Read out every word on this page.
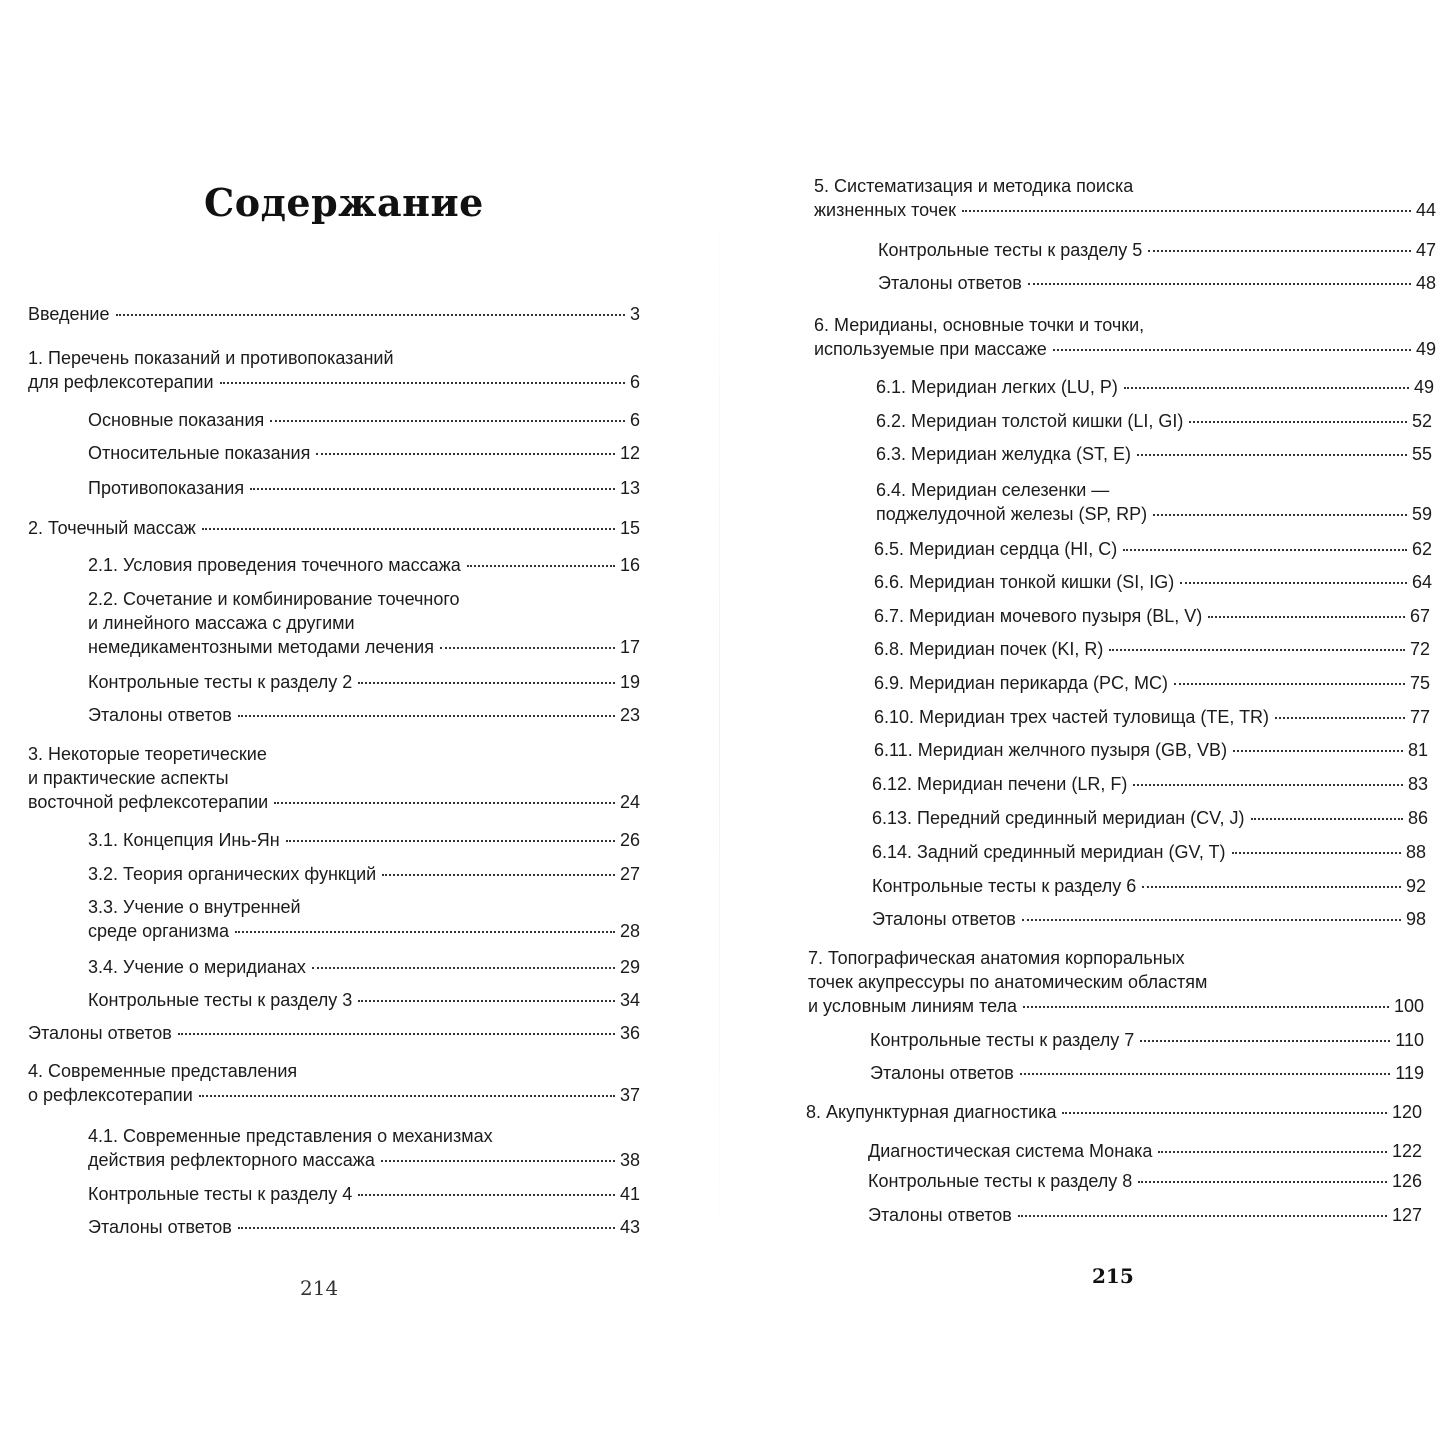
Содержание
Введение	3
1. Перечень показаний и противопоказаний
для рефлексотерапии	6
Основные показания	6
Относительные показания	12
Противопоказания	13
2. Точечный массаж	15
2.1. Условия проведения точечного массажа	16
2.2. Сочетание и комбинирование точечного
и линейного массажа с другими
немедикаментозными методами лечения	17
Контрольные тесты к разделу 2	19
Эталоны ответов	23
3. Некоторые теоретические
и практические аспекты
восточной рефлексотерапии	24
3.1. Концепция Инь-Ян	26
3.2. Теория органических функций	27
3.3. Учение о внутренней
среде организма	28
3.4. Учение о меридианах	29
Контрольные тесты к разделу 3	34
Эталоны ответов	36
4. Современные представления
о рефлексотерапии	37
4.1. Современные представления о механизмах
действия рефлекторного массажа	38
Контрольные тесты к разделу 4	41
Эталоны ответов	43
214
5. Систематизация и методика поиска
жизненных точек	44
Контрольные тесты к разделу 5	47
Эталоны ответов	48
6. Меридианы, основные точки и точки,
используемые при массаже	49
6.1. Меридиан легких (LU, P)	49
6.2. Меридиан толстой кишки (LI, GI)	52
6.3. Меридиан желудка (ST, E)	55
6.4. Меридиан селезенки —
поджелудочной железы (SP, RP)	59
6.5. Меридиан сердца (HI, C)	62
6.6. Меридиан тонкой кишки (SI, IG)	64
6.7. Меридиан мочевого пузыря (BL, V)	67
6.8. Меридиан почек (KI, R)	72
6.9. Меридиан перикарда (PC, MC)	75
6.10. Меридиан трех частей туловища (TE, TR)	77
6.11. Меридиан желчного пузыря (GB, VB)	81
6.12. Меридиан печени (LR, F)	83
6.13. Передний срединный меридиан (CV, J)	86
6.14. Задний срединный меридиан (GV, T)	88
Контрольные тесты к разделу 6	92
Эталоны ответов	98
7. Топографическая анатомия корпоральных
точек акупрессуры по анатомическим областям
и условным линиям тела	100
Контрольные тесты к разделу 7	110
Эталоны ответов	119
8. Акупунктурная диагностика	120
Диагностическая система Монака	122
Контрольные тесты к разделу 8	126
Эталоны ответов	127
215
